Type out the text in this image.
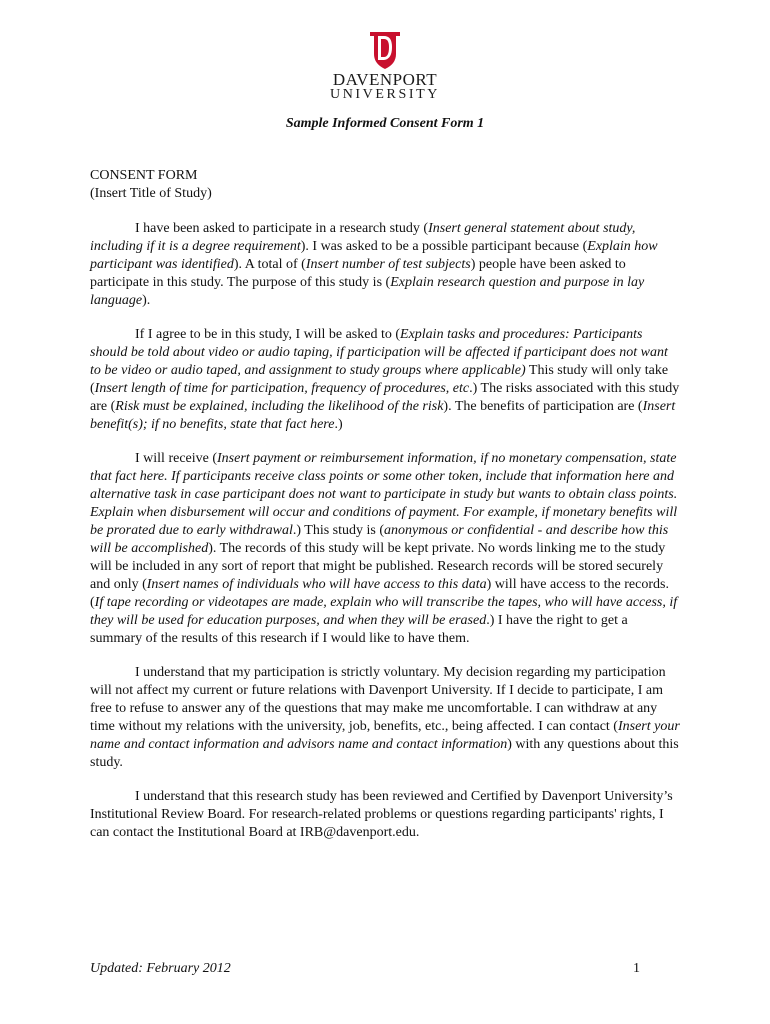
DAVENPORT
UNIVERSITY
Sample Informed Consent Form 1

CONSENT FORM

(Insert Title of Study)

I have been asked to participate in a research study (Insert general statement about study, including if it is a degree requirement). I was asked to be a possible participant because (Explain how participant was identified). A total of (Insert number of test subjects) people have been asked to participate in this study. The purpose of this study is (Explain research question and purpose in lay language).

If I agree to be in this study, I will be asked to (Explain tasks and procedures: Participants should be told about video or audio taping, if participation will be affected if participant does not want to be video or audio taped, and assignment to study groups where applicable) This study will only take (Insert length of time for participation, frequency of procedures, etc.) The risks associated with this study are (Risk must be explained, including the likelihood of the risk). The benefits of participation are (Insert benefit(s); if no benefits, state that fact here.)

I will receive (Insert payment or reimbursement information, if no monetary compensation, state that fact here. If participants receive class points or some other token, include that information here and alternative task in case participant does not want to participate in study but wants to obtain class points. Explain when disbursement will occur and conditions of payment. For example, if monetary benefits will be prorated due to early withdrawal.) This study is (anonymous or confidential - and describe how this will be accomplished). The records of this study will be kept private. No words linking me to the study will be included in any sort of report that might be published. Research records will be stored securely and only (Insert names of individuals who will have access to this data) will have access to the records. (If tape recording or videotapes are made, explain who will transcribe the tapes, who will have access, if they will be used for education purposes, and when they will be erased.) I have the right to get a summary of the results of this research if I would like to have them.

I understand that my participation is strictly voluntary. My decision regarding my participation will not affect my current or future relations with Davenport University. If I decide to participate, I am free to refuse to answer any of the questions that may make me uncomfortable. I can withdraw at any time without my relations with the university, job, benefits, etc., being affected. I can contact (Insert your name and contact information and advisors name and contact information) with any questions about this study.

I understand that this research study has been reviewed and Certified by Davenport University’s Institutional Review Board. For research-related problems or questions regarding participants' rights, I can contact the Institutional Board at IRB@davenport.edu.

Updated: February 2012	1
